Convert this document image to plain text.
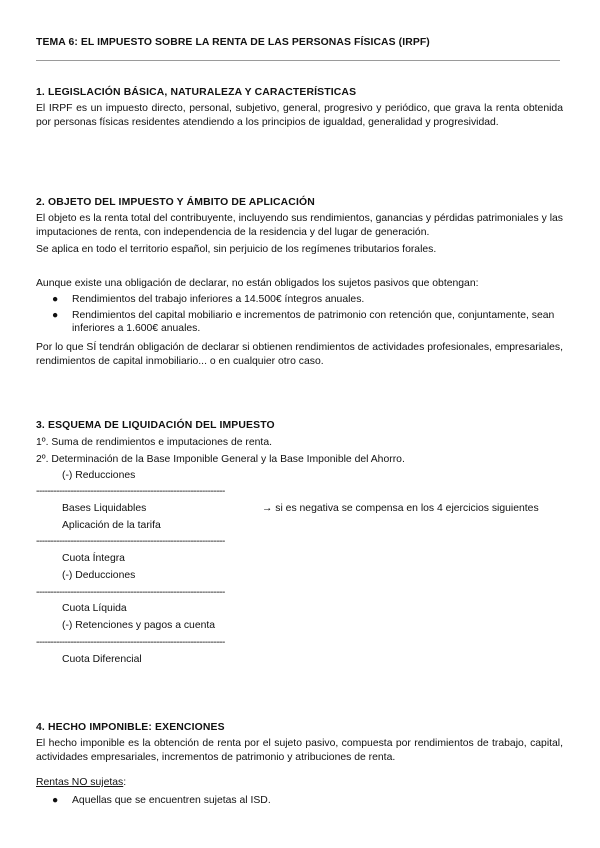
TEMA 6: EL IMPUESTO SOBRE LA RENTA DE LAS PERSONAS FÍSICAS (IRPF)
1. LEGISLACIÓN BÁSICA, NATURALEZA Y CARACTERÍSTICAS
El IRPF es un impuesto directo, personal, subjetivo, general, progresivo y periódico, que grava la renta obtenida por personas físicas residentes atendiendo a los principios de igualdad, generalidad y progresividad.
2. OBJETO DEL IMPUESTO Y ÁMBITO DE APLICACIÓN
El objeto es la renta total del contribuyente, incluyendo sus rendimientos, ganancias y pérdidas patrimoniales y las imputaciones de renta, con independencia de la residencia y del lugar de generación.
Se aplica en todo el territorio español, sin perjuicio de los regímenes tributarios forales.
Aunque existe una obligación de declarar, no están obligados los sujetos pasivos que obtengan:
● Rendimientos del trabajo inferiores a 14.500€ íntegros anuales.
● Rendimientos del capital mobiliario e incrementos de patrimonio con retención que, conjuntamente, sean inferiores a 1.600€ anuales.
Por lo que SÍ tendrán obligación de declarar si obtienen rendimientos de actividades profesionales, empresariales, rendimientos de capital inmobiliario... o en cualquier otro caso.
3. ESQUEMA DE LIQUIDACIÓN DEL IMPUESTO
1º. Suma de rendimientos e imputaciones de renta.
2º. Determinación de la Base Imponible General y la Base Imponible del Ahorro.
(-) Reducciones
------------------------------------------------------------------
Bases Liquidables	→ si es negativa se compensa en los 4 ejercicios siguientes
Aplicación de la tarifa
------------------------------------------------------------------
Cuota Íntegra
(-) Deducciones
------------------------------------------------------------------
Cuota Líquida
(-) Retenciones y pagos a cuenta
------------------------------------------------------------------
Cuota Diferencial
4. HECHO IMPONIBLE: EXENCIONES
El hecho imponible es la obtención de renta por el sujeto pasivo, compuesta por rendimientos de trabajo, capital, actividades empresariales, incrementos de patrimonio y atribuciones de renta.
Rentas NO sujetas:
● Aquellas que se encuentren sujetas al ISD.
